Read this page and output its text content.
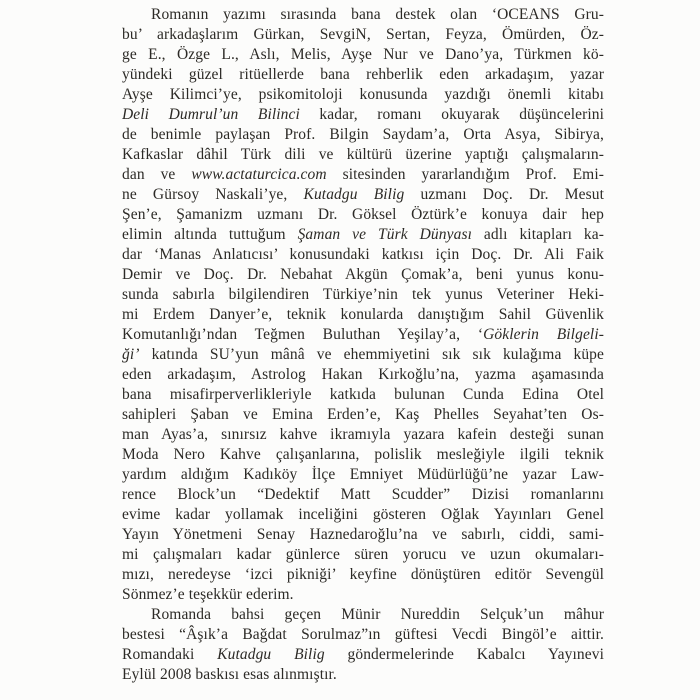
Romanın yazımı sırasında bana destek olan ‘OCEANS Gru-
bu’ arkadaşlarım Gürkan, SevgiN, Sertan, Feyza, Ömürden, Öz-
ge E., Özge L., Aslı, Melis, Ayşe Nur ve Dano’ya, Türkmen kö-
yündeki güzel ritüellerde bana rehberlik eden arkadaşım, yazar
Ayşe Kilimci’ye, psikomitoloji konusunda yazdığı önemli kitabı
Deli Dumrul’un Bilinci kadar, romanı okuyarak düşüncelerini
de benimle paylaşan Prof. Bilgin Saydam’a, Orta Asya, Sibirya,
Kafkaslar dâhil Türk dili ve kültürü üzerine yaptığı çalışmaların-
dan ve www.actaturcica.com sitesinden yararlandığım Prof. Emi-
ne Gürsoy Naskali’ye, Kutadgu Bilig uzmanı Doç. Dr. Mesut
Şen’e, Şamanizm uzmanı Dr. Göksel Öztürk’e konuya dair hep
elimin altında tuttuğum Şaman ve Türk Dünyası adlı kitapları ka-
dar ‘Manas Anlatıcısı’ konusundaki katkısı için Doç. Dr. Ali Faik
Demir ve Doç. Dr. Nebahat Akgün Çomak’a, beni yunus konu-
sunda sabırla bilgilendiren Türkiye’nin tek yunus Veteriner Heki-
mi Erdem Danyer’e, teknik konularda danıştığım Sahil Güvenlik
Komutanlığı’ndan Teğmen Buluthan Yeşilay’a, ‘Göklerin Bilgeli-
ği’ katında SU’yun mânâ ve ehemmiyetini sık sık kulağıma küpe
eden arkadaşım, Astrolog Hakan Kırkoğlu’na, yazma aşamasında
bana misafirperverlikleriyle katkıda bulunan Cunda Edina Otel
sahipleri Şaban ve Emina Erden’e, Kaş Phelles Seyahat’ten Os-
man Ayas’a, sınırsız kahve ikramıyla yazara kafein desteği sunan
Moda Nero Kahve çalışanlarına, polislik mesleğiyle ilgili teknik
yardım aldığım Kadıköy İlçe Emniyet Müdürlüğü’ne yazar Law-
rence Block’un “Dedektif Matt Scudder” Dizisi romanlarını
evime kadar yollamak inceliğini gösteren Oğlak Yayınları Genel
Yayın Yönetmeni Senay Haznedaroğlu’na ve sabırlı, ciddi, sami-
mi çalışmaları kadar günlerce süren yorucu ve uzun okumaları-
mızı, neredeyse ‘izci pikniği’ keyfine dönüştüren editör Sevengül
Sönmez’e teşekkür ederim.
Romanda bahsi geçen Münir Nureddin Selçuk’un mâhur
bestesi “Âşık’a Bağdat Sorulmaz”ın güftesi Vecdi Bingöl’e aittir.
Romandaki Kutadgu Bilig göndermelerinde Kabalcı Yayınevi
Eylül 2008 baskısı esas alınmıştır.
